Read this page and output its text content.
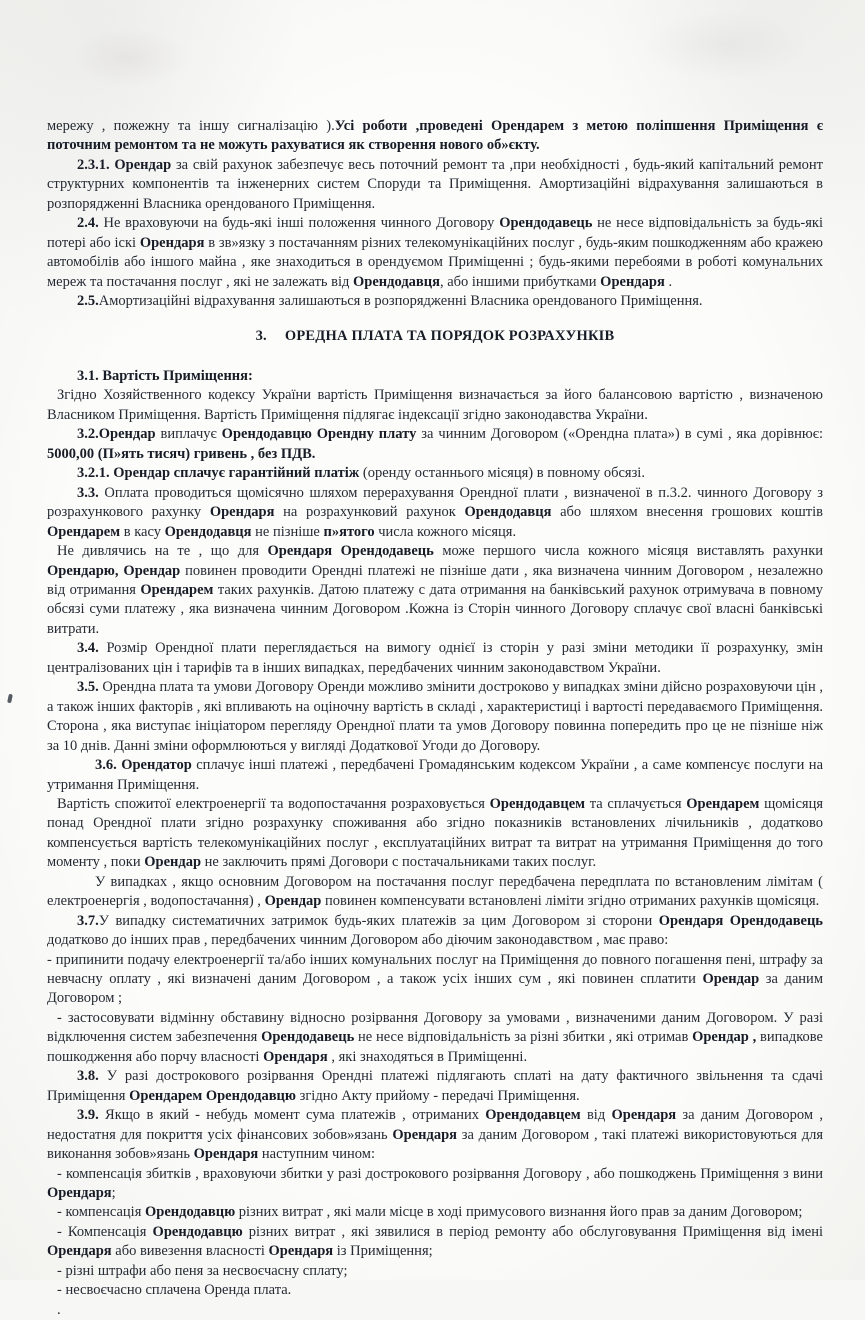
мережу , пожежну та іншу сигналізацію ).Усі роботи ,проведені Орендарем з метою поліпшення Приміщення є поточним ремонтом та не можуть рахуватися як створення нового об»єкту.

2.3.1. Орендар за свій рахунок забезпечує весь поточний ремонт та ,при необхідності , будь-який капітальний ремонт структурних компонентів та інженерних систем Споруди та Приміщення. Амортизаційні відрахування залишаються в розпорядженні Власника орендованого Приміщення.

2.4. Не враховуючи на будь-які інші положення чинного Договору Орендодавець не несе відповідальність за будь-які потері або іскі Орендаря в зв»язку з постачанням різних телекомунікаційних послуг , будь-яким пошкодженням або кражею автомобілів або іншого майна , яке знаходиться в орендуємом Приміщенні ; будь-якими перебоями в роботі комунальних мереж та постачання послуг , які не залежать від Орендодавця, або іншими прибутками Орендаря .

2.5.Амортизаційні відрахування залишаються в розпорядженні Власника орендованого Приміщення.

3. ОРЕДНА ПЛАТА ТА ПОРЯДОК РОЗРАХУНКІВ

3.1. Вартість Приміщення:

Згідно Хозяйственного кодексу України вартість Приміщення визначається за його балансовою вартістю , визначеною Власником Приміщення. Вартість Приміщення підлягає індексації згідно законодавства України.

3.2.Орендар виплачує Орендодавцю Орендну плату за чинним Договором («Орендна плата») в сумі , яка дорівнює: 5000,00 (П»ять тисяч) гривень , без ПДВ.

3.2.1. Орендар сплачує гарантійний платіж (оренду останнього місяця) в повному обсязі.

3.3. Оплата проводиться щомісячно шляхом перерахування Орендної плати , визначеної в п.3.2. чинного Договору з розрахункового рахунку Орендаря на розрахунковий рахунок Орендодавця або шляхом внесення грошових коштів Орендарем в касу Орендодавця не пізніше п»ятого числа кожного місяця.

Не дивлячись на те , що для Орендаря Орендодавець може першого числа кожного місяця виставлять рахунки Орендарю, Орендар повинен проводити Орендні платежі не пізніше дати , яка визначена чинним Договором , незалежно від отримання Орендарем таких рахунків. Датою платежу с дата отримання на банківський рахунок отримувача в повному обсязі суми платежу , яка визначена чинним Договором .Кожна із Сторін чинного Договору сплачує свої власні банківські витрати.

3.4. Розмір Орендної плати переглядається на вимогу однієї із сторін у разі зміни методики її розрахунку, змін централізованих цін і тарифів та в інших випадках, передбачених чинним законодавством України.

3.5. Орендна плата та умови Договору Оренди можливо змінити достроково у випадках зміни дійсно розраховуючи цін , а також інших факторів , які впливають на оціночну вартість в складі , характеристиці і вартості передаваємого Приміщення. Сторона , яка виступає ініціатором перегляду Орендної плати та умов Договору повинна попередить про це не пізніше ніж за 10 днів. Данні зміни оформлюються у вигляді Додаткової Угоди до Договору.

3.6. Орендатор сплачує інші платежі , передбачені Громадянським кодексом України , а саме компенсує послуги на утримання Приміщення.

Вартість спожитої електроенергії та водопостачання розраховується Орендодавцем та сплачується Орендарем щомісяця понад Орендної плати згідно розрахунку споживання або згідно показників встановлених лічильників , додатково компенсується вартість телекомунікаційних послуг , експлуатаційних витрат та витрат на утримання Приміщення до того моменту , поки Орендар не заключить прямі Договори с постачальниками таких послуг.

У випадках , якщо основним Договором на постачання послуг передбачена передплата по встановленим лімітам ( електроенергія , водопостачання) , Орендар повинен компенсувати встановлені ліміти згідно отриманих рахунків щомісяця.

3.7.У випадку систематичних затримок будь-яких платежів за цим Договором зі сторони Орендаря Орендодавець додатково до інших прав , передбачених чинним Договором або діючим законодавством , має право:

- припинити подачу електроенергії та/або інших комунальних послуг на Приміщення до повного погашення пені, штрафу за невчасну оплату , які визначені даним Договором , а також усіх інших сум , які повинен сплатити Орендар за даним Договором ;

- застосовувати відмінну обставину відносно розірвання Договору за умовами , визначеними даним Договором. У разі відключення систем забезпечення Орендодавець не несе відповідальність за різні збитки , які отримав Орендар , випадкове пошкодження або порчу власності Орендаря , які знаходяться в Приміщенні.

3.8. У разі дострокового розірвання Орендні платежі підлягають сплаті на дату фактичного звільнення та сдачі Приміщення Орендарем Орендодавцю згідно Акту прийому - передачі Приміщення.

3.9. Якщо в який - небудь момент сума платежів , отриманих Орендодавцем від Орендаря за даним Договором , недостатня для покриття усіх фінансових зобов»язань Орендаря за даним Договором , такі платежі використовуються для виконання зобов»язань Орендаря наступним чином:

- компенсація збитків , враховуючи збитки у разі дострокового розірвання Договору , або пошкоджень Приміщення з вини Орендаря;

- компенсація Орендодавцю різних витрат , які мали місце в ході примусового визнання його прав за даним Договором;

- Компенсація Орендодавцю різних витрат , які зявилися в період ремонту або обслуговування Приміщення від імені Орендаря або вивезення власності Орендаря із Приміщення;

- різні штрафи або пеня за несвоєчасну сплату;

- несвоєчасно сплачена Оренда плата.

.
